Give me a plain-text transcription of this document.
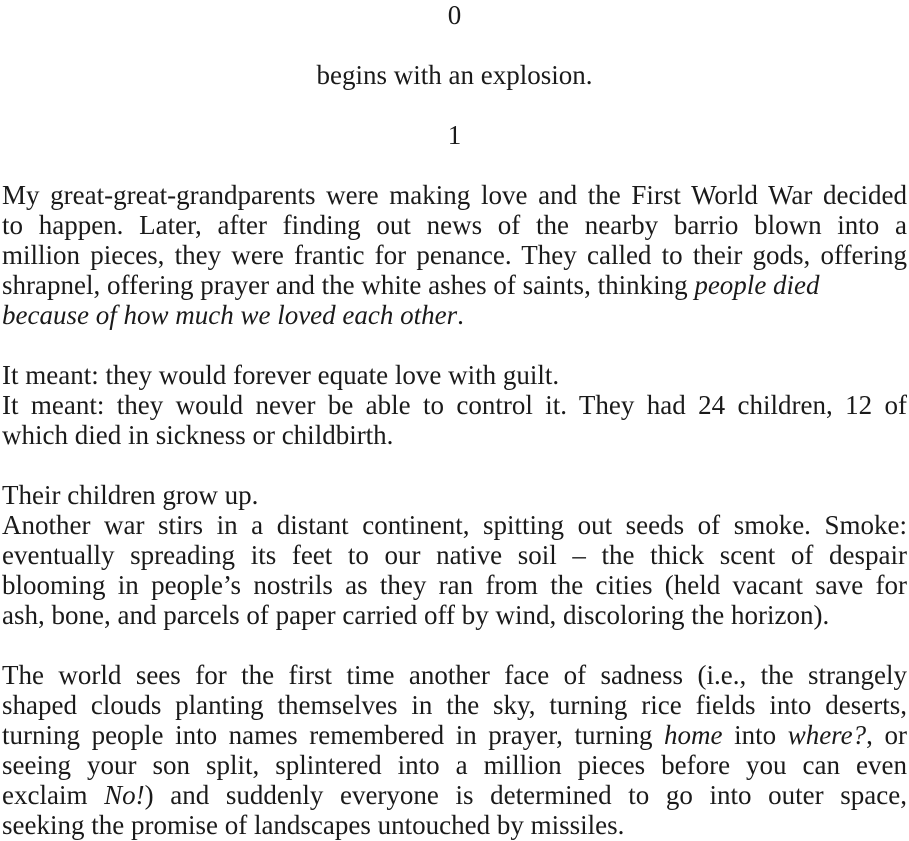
0

begins with an explosion.

1

My great-great-grandparents were making love and the First World War decided
to happen. Later, after finding out news of the nearby barrio blown into a
million pieces, they were frantic for penance. They called to their gods, offering
shrapnel, offering prayer and the white ashes of saints, thinking people died
because of how much we loved each other.
It meant: they would forever equate love with guilt.
It meant: they would never be able to control it. They had 24 children, 12 of
which died in sickness or childbirth.
Their children grow up.
Another war stirs in a distant continent, spitting out seeds of smoke. Smoke:
eventually spreading its feet to our native soil – the thick scent of despair
blooming in people’s nostrils as they ran from the cities (held vacant save for
ash, bone, and parcels of paper carried off by wind, discoloring the horizon).
The world sees for the first time another face of sadness (i.e., the strangely
shaped clouds planting themselves in the sky, turning rice fields into deserts,
turning people into names remembered in prayer, turning home into where?, or
seeing your son split, splintered into a million pieces before you can even
exclaim No!) and suddenly everyone is determined to go into outer space,
seeking the promise of landscapes untouched by missiles.
